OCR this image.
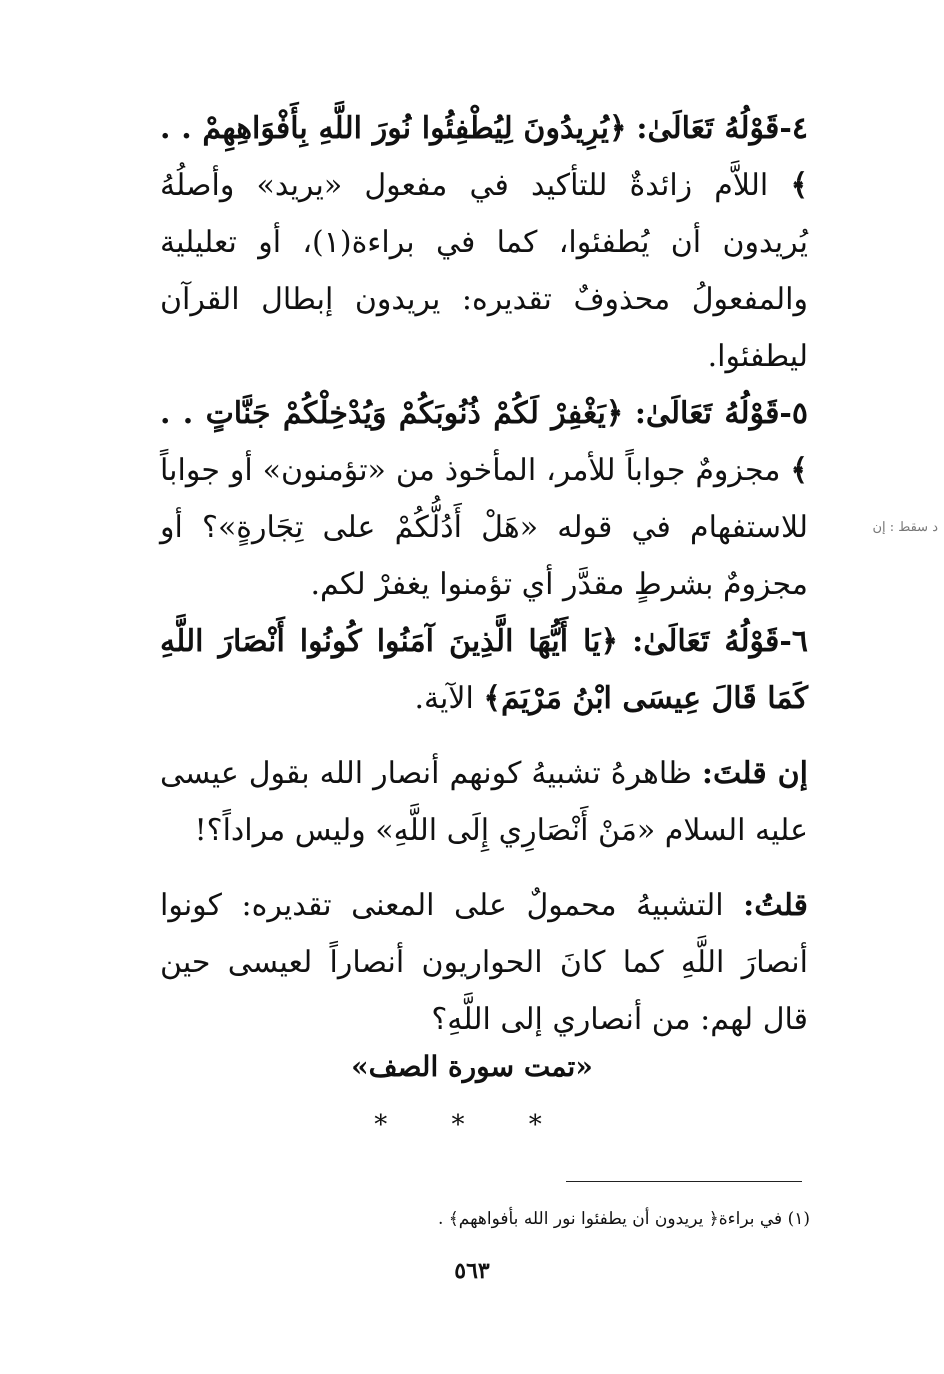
٤-قَوْلُهُ تَعَالَىٰ: ﴿يُرِيدُونَ لِيُطْفِئُوا نُورَ اللَّهِ بِأَفْوَاهِهِمْ . . ﴾ اللاَّم زائدةٌ للتأكيد في مفعول «يريد» وأصلُهُ يُريدون أن يُطفئوا، كما في براءة(١)، أو تعليلية والمفعولُ محذوفٌ تقديره: يريدون إبطال القرآن ليطفئوا.

٥-قَوْلُهُ تَعَالَىٰ: ﴿يَغْفِرْ لَكُمْ ذُنُوبَكُمْ وَيُدْخِلْكُمْ جَنَّاتٍ . . ﴾ مجزومٌ جواباً للأمر، المأخوذ من «تؤمنون» أو جواباً للاستفهام في قوله «هَلْ أَدُلُّكُمْ على تِجَارةٍ»؟ أو مجزومٌ بشرطٍ مقدَّر أي تؤمنوا يغفرْ لكم.

٦-قَوْلُهُ تَعَالَىٰ: ﴿يَا أَيُّهَا الَّذِينَ آمَنُوا كُونُوا أَنْصَارَ اللَّهِ كَمَا قَالَ عِيسَى ابْنُ مَرْيَمَ﴾ الآية.

إن قلتَ: ظاهرهُ تشبيهُ كونهم أنصار الله بقول عيسى عليه السلام «مَنْ أَنْصَارِي إِلَى اللَّهِ» وليس مراداً؟!

قلتُ: التشبيهُ محمولٌ على المعنى تقديره: كونوا أنصارَ اللَّهِ كما كانَ الحواريون أنصاراً لعيسى حين قال لهم: من أنصاري إلى اللَّهِ؟

د سقط : إن
«تمت سورة الصف»
* * *
(١) في براءة﴿ يريدون أن يطفئوا نور الله بأفواههم﴾ .
٥٦٣
